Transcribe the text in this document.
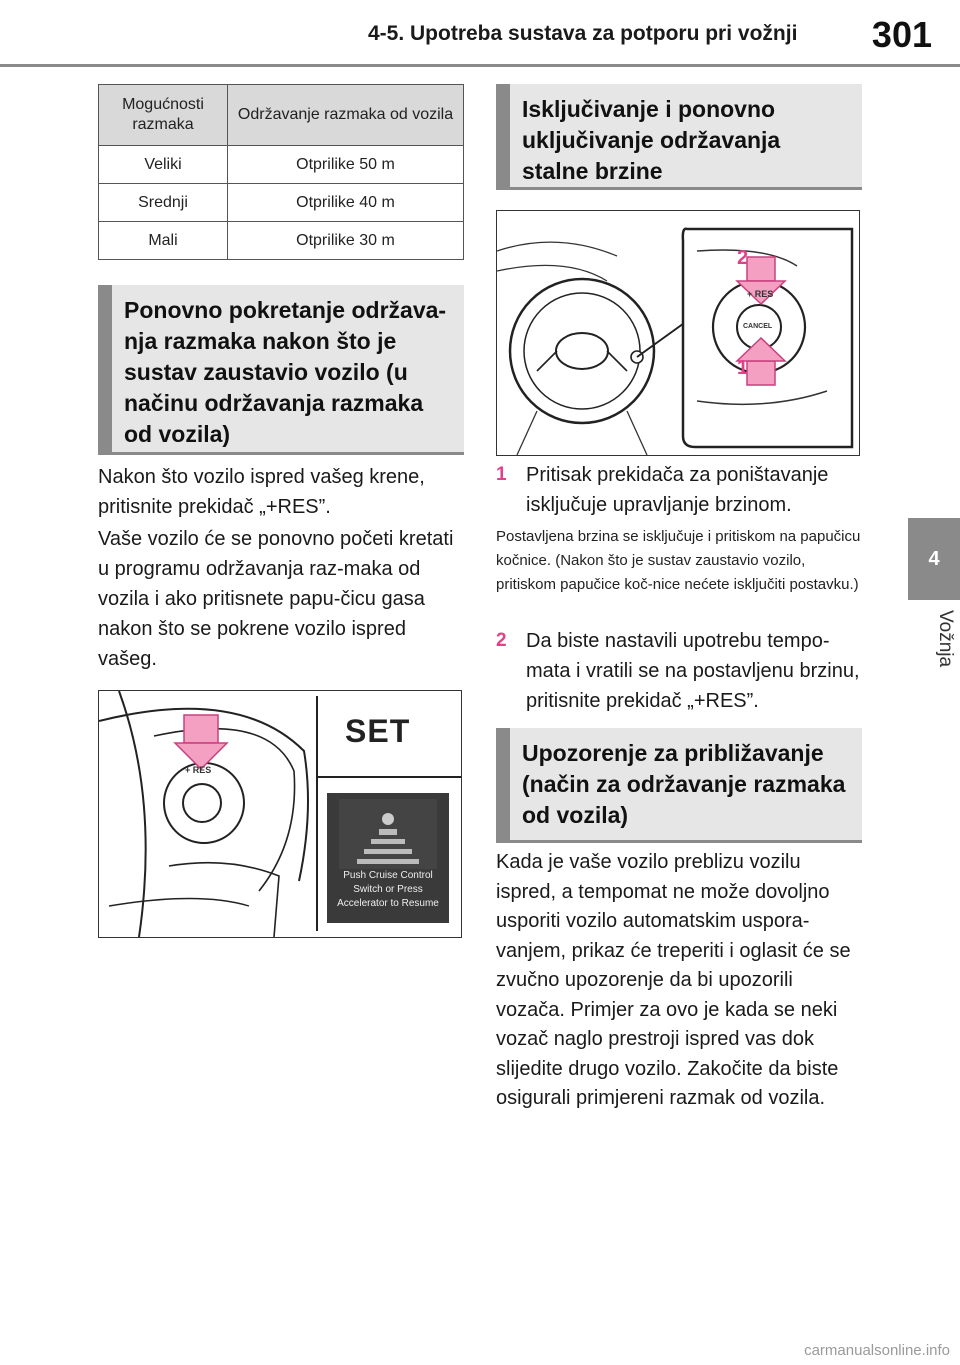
4-5. Upotreba sustava za potporu pri vožnji 301
4
Vožnja
Mogućnosti razmaka	Održavanje razmaka od vozila
Veliki	Otprilike 50 m
Srednji	Otprilike 40 m
Mali	Otprilike 30 m
Ponovno pokretanje održava-nja razmaka nakon što je sustav zaustavio vozilo (u načinu održavanja razmaka od vozila)

Nakon što vozilo ispred vašeg krene, pritisnite prekidač „+RES”.

Vaše vozilo će se ponovno početi kretati u programu održavanja raz-maka od vozila i ako pritisnete papu-čicu gasa nakon što se pokrene vozilo ispred vašeg.

SET
+ RES
Push Cruise Control Switch or Press Accelerator to Resume
Isključivanje i ponovno uključivanje održavanja stalne brzine
2
1
+ RES
CANCEL
1 Pritisak prekidača za poništavanje isključuje upravljanje brzinom.

Postavljena brzina se isključuje i pritiskom na papučicu kočnice. (Nakon što je sustav zaustavio vozilo, pritiskom papučice koč-nice nećete isključiti postavku.)

2 Da biste nastavili upotrebu tempo-mata i vratili se na postavljenu brzinu, pritisnite prekidač „+RES”.
Upozorenje za približavanje (način za održavanje razmaka od vozila)

Kada je vaše vozilo preblizu vozilu ispred, a tempomat ne može dovoljno usporiti vozilo automatskim uspora-vanjem, prikaz će treperiti i oglasit će se zvučno upozorenje da bi upozorili vozača. Primjer za ovo je kada se neki vozač naglo prestroji ispred vas dok slijedite drugo vozilo. Zakočite da biste osigurali primjereni razmak od vozila.

carmanualsonline.info
